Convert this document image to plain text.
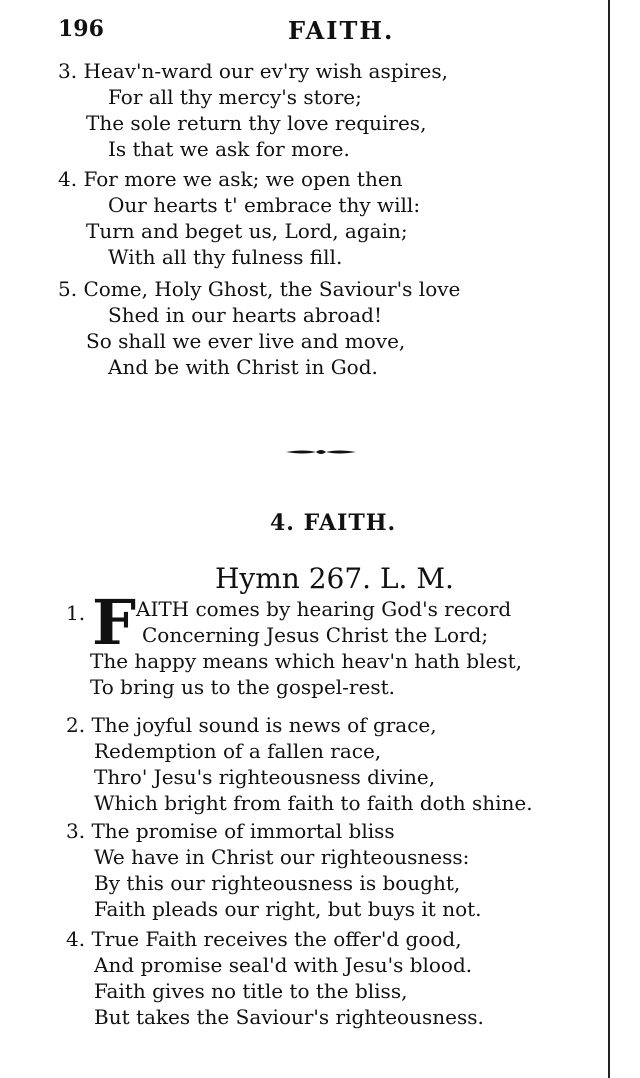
196	FAITH.
3. Heav'n-ward our ev'ry wish aspires,
For all thy mercy's store;
The sole return thy love requires,
Is that we ask for more.
4. For more we ask; we open then
Our hearts t' embrace thy will:
Turn and beget us, Lord, again;
With all thy fulness fill.
5. Come, Holy Ghost, the Saviour's love
Shed in our hearts abroad!
So shall we ever live and move,
And be with Christ in God.
4. FAITH.
Hymn 267. L. M.
1. F AITH comes by hearing God's record
Concerning Jesus Christ the Lord;
The happy means which heav'n hath blest,
To bring us to the gospel-rest.
2. The joyful sound is news of grace,
Redemption of a fallen race,
Thro' Jesu's righteousness divine,
Which bright from faith to faith doth shine.
3. The promise of immortal bliss
We have in Christ our righteousness:
By this our righteousness is bought,
Faith pleads our right, but buys it not.
4. True Faith receives the offer'd good,
And promise seal'd with Jesu's blood.
Faith gives no title to the bliss,
But takes the Saviour's righteousness.
